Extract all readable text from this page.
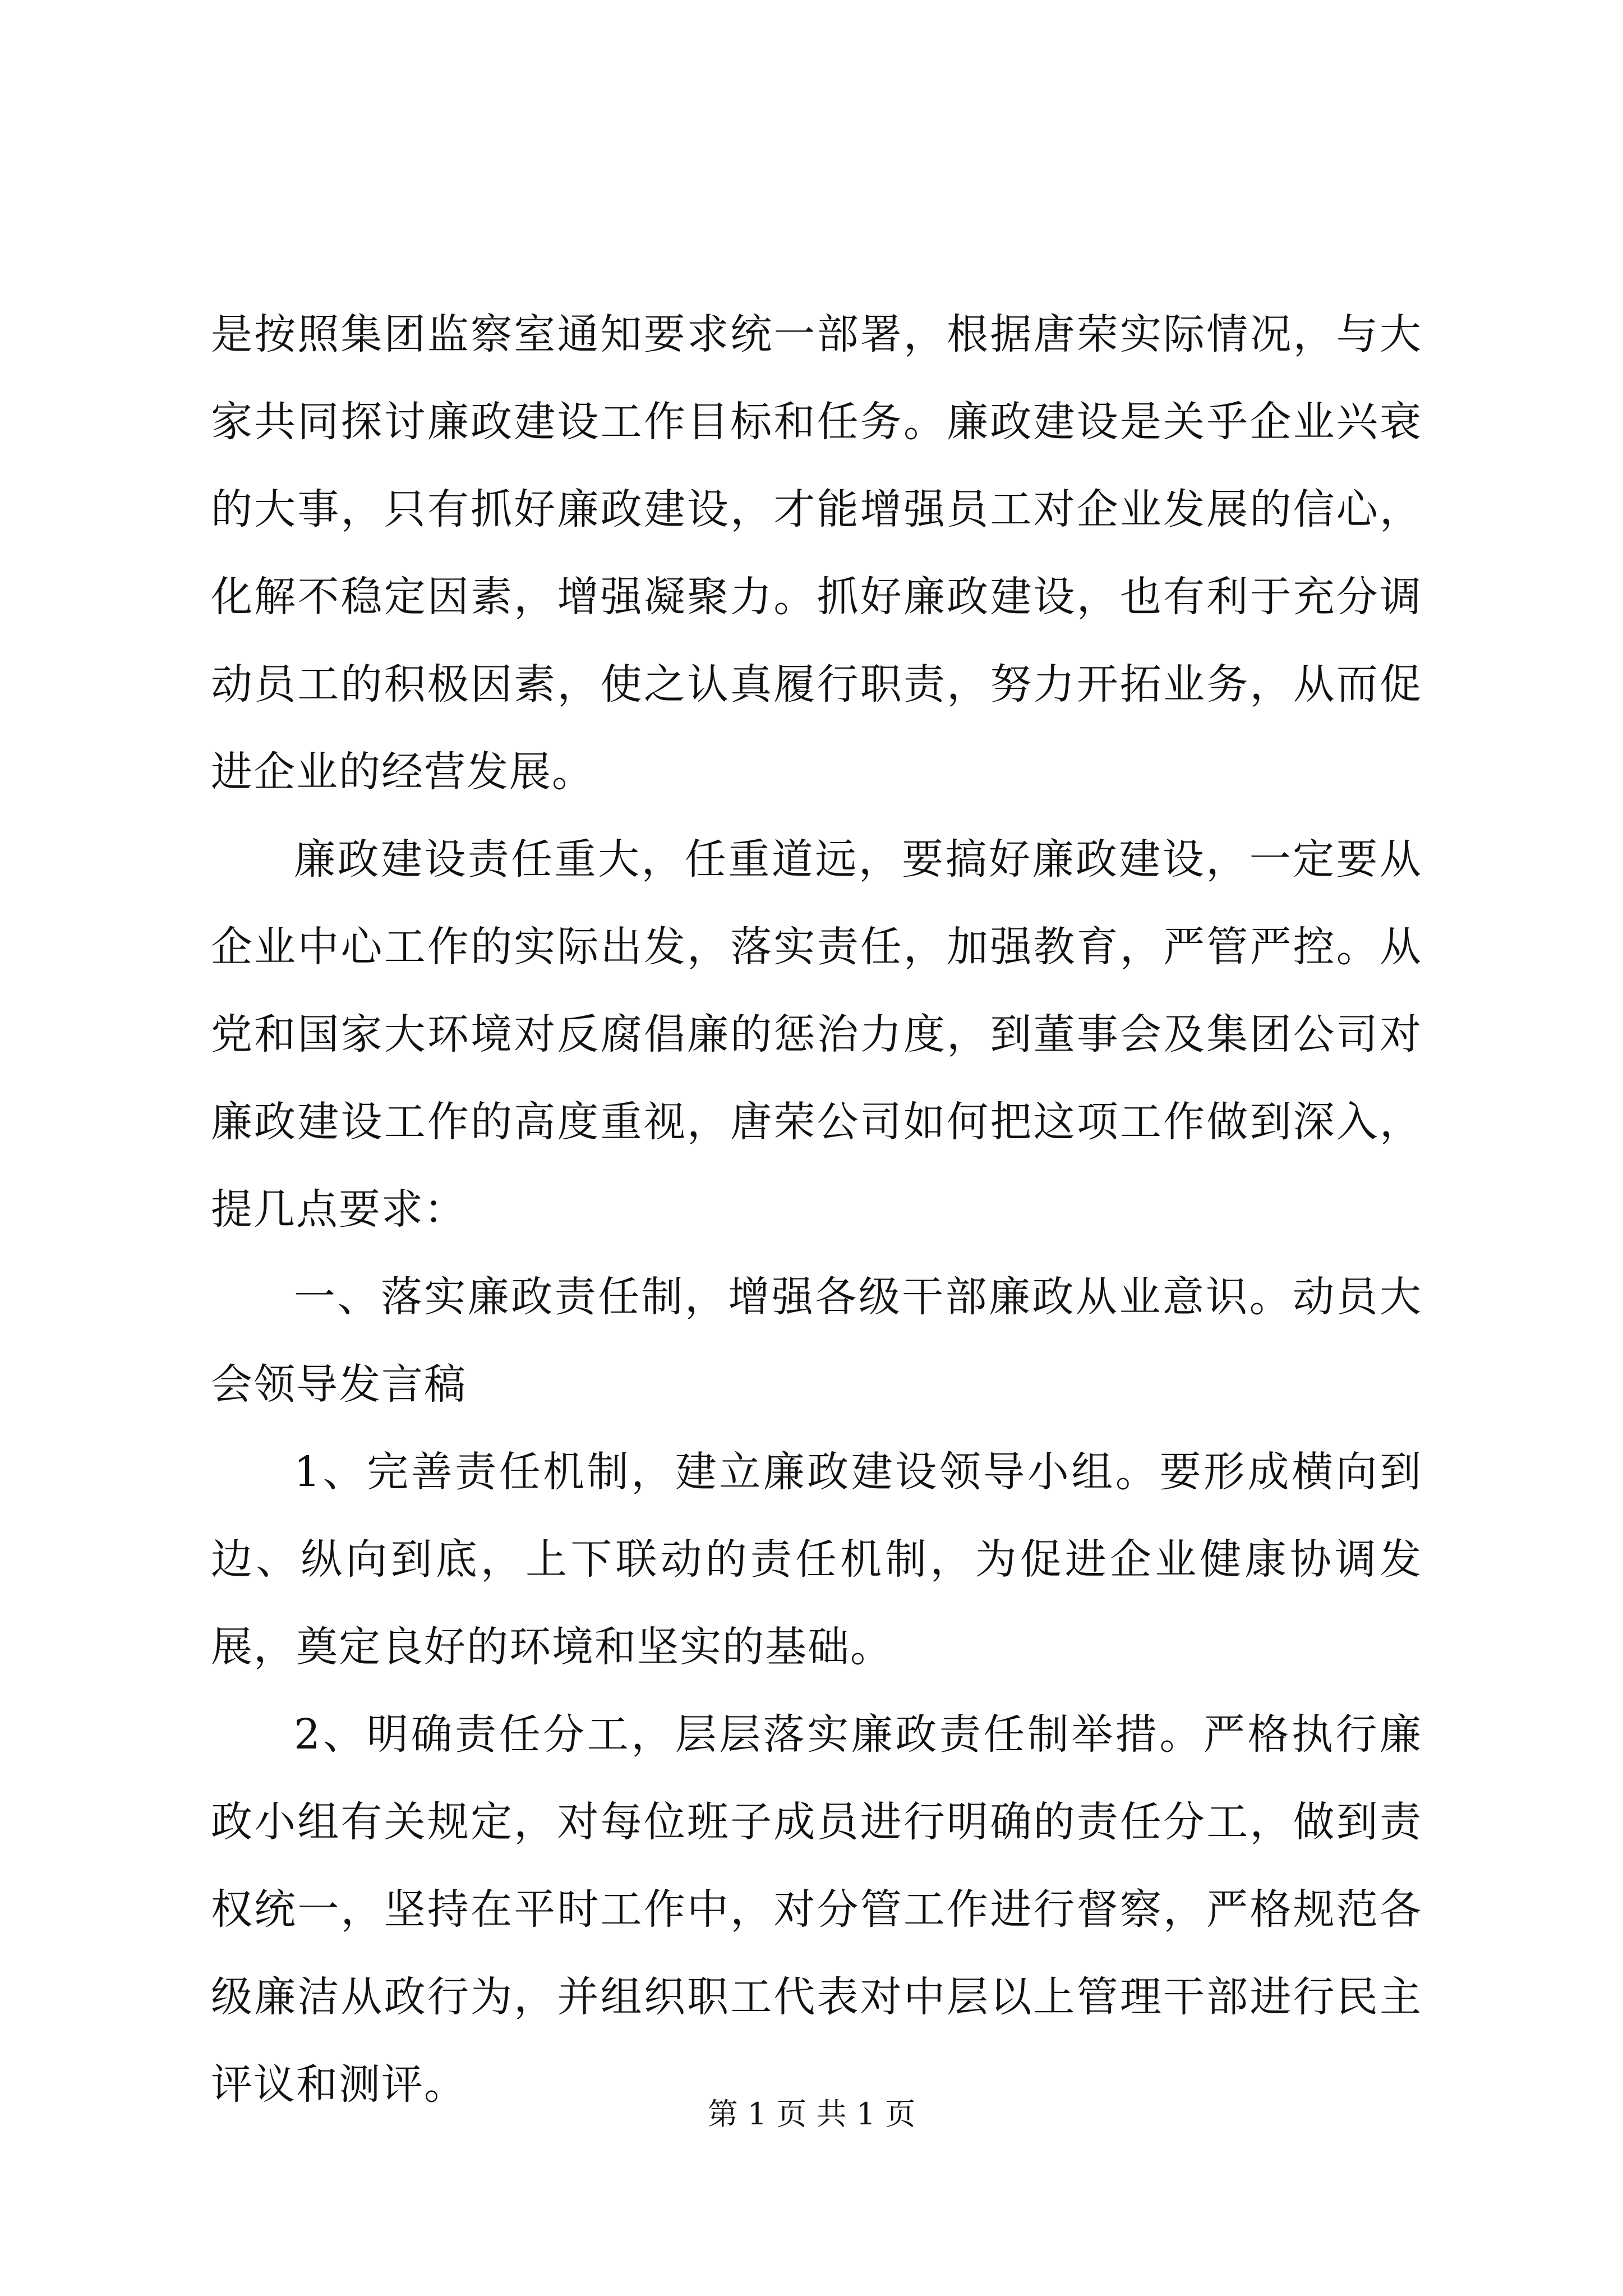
是按照集团监察室通知要求统一部署，根据唐荣实际情况，与大家共同探讨廉政建设工作目标和任务。廉政建设是关乎企业兴衰的大事，只有抓好廉政建设，才能增强员工对企业发展的信心，化解不稳定因素，增强凝聚力。抓好廉政建设，也有利于充分调动员工的积极因素，使之认真履行职责，努力开拓业务，从而促进企业的经营发展。

廉政建设责任重大，任重道远，要搞好廉政建设，一定要从企业中心工作的实际出发，落实责任，加强教育，严管严控。从党和国家大环境对反腐倡廉的惩治力度，到董事会及集团公司对廉政建设工作的高度重视，唐荣公司如何把这项工作做到深入，提几点要求：

一、落实廉政责任制，增强各级干部廉政从业意识。动员大会领导发言稿

1、完善责任机制，建立廉政建设领导小组。要形成横向到边、纵向到底，上下联动的责任机制，为促进企业健康协调发展，奠定良好的环境和坚实的基础。

2、明确责任分工，层层落实廉政责任制举措。严格执行廉政小组有关规定，对每位班子成员进行明确的责任分工，做到责权统一，坚持在平时工作中，对分管工作进行督察，严格规范各级廉洁从政行为，并组织职工代表对中层以上管理干部进行民主评议和测评。

第 1 页 共 1 页
